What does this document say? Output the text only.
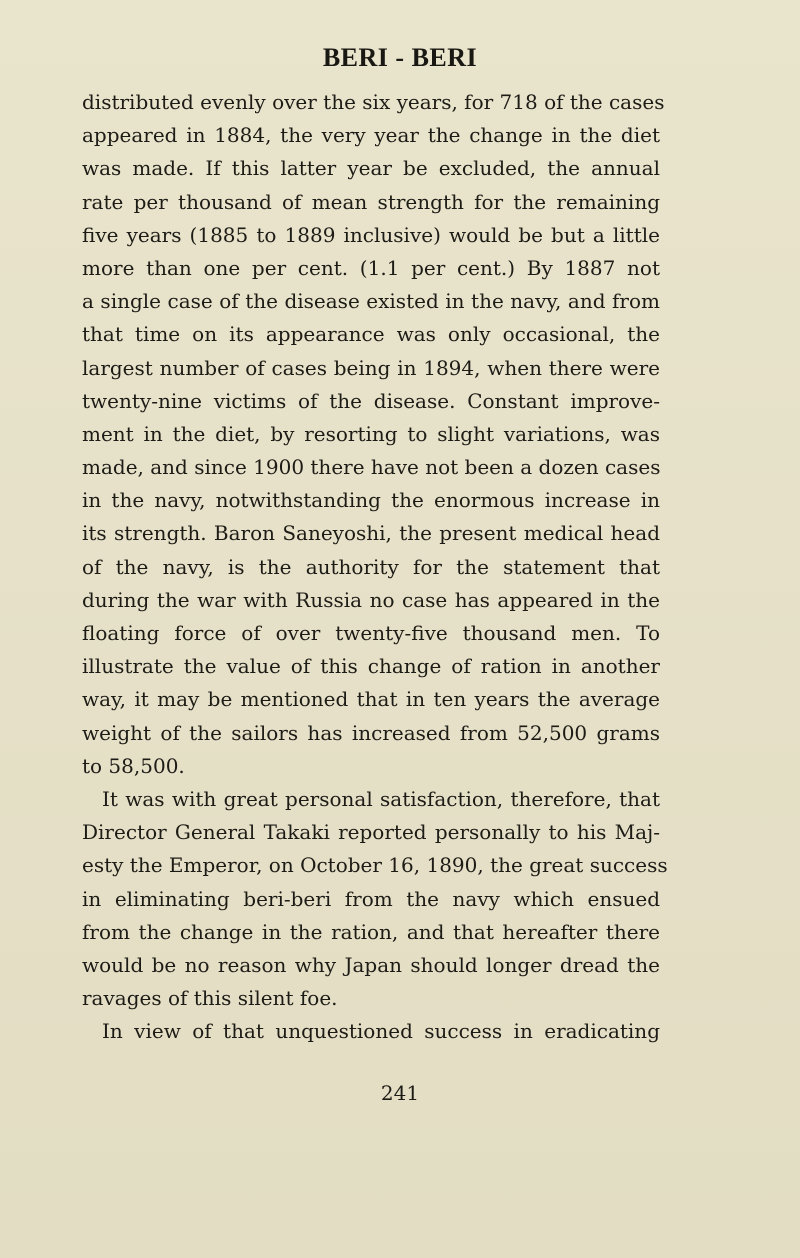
BERI - BERI
distributed evenly over the six years, for 718 of the cases
appeared in 1884, the very year the change in the diet
was made. If this latter year be excluded, the annual
rate per thousand of mean strength for the remaining
five years (1885 to 1889 inclusive) would be but a little
more than one per cent. (1.1 per cent.) By 1887 not
a single case of the disease existed in the navy, and from
that time on its appearance was only occasional, the
largest number of cases being in 1894, when there were
twenty-nine victims of the disease. Constant improve-
ment in the diet, by resorting to slight variations, was
made, and since 1900 there have not been a dozen cases
in the navy, notwithstanding the enormous increase in
its strength. Baron Saneyoshi, the present medical head
of the navy, is the authority for the statement that
during the war with Russia no case has appeared in the
floating force of over twenty-five thousand men. To
illustrate the value of this change of ration in another
way, it may be mentioned that in ten years the average
weight of the sailors has increased from 52,500 grams
to 58,500.
It was with great personal satisfaction, therefore, that
Director General Takaki reported personally to his Maj-
esty the Emperor, on October 16, 1890, the great success
in eliminating beri-beri from the navy which ensued
from the change in the ration, and that hereafter there
would be no reason why Japan should longer dread the
ravages of this silent foe.
In view of that unquestioned success in eradicating
241
